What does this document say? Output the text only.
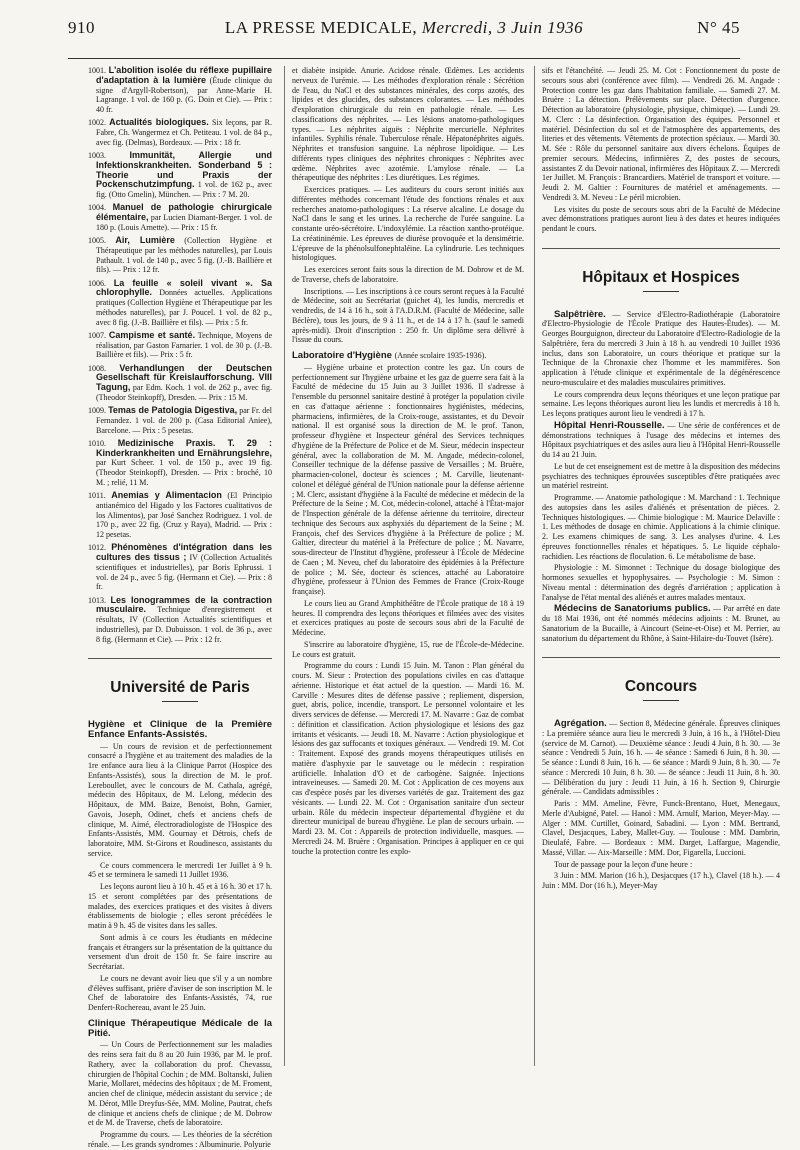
910	LA PRESSE MEDICALE, Mercredi, 3 Juin 1936	N° 45
1001. L'abolition isolée du réflexe pupillaire d'adaptation à la lumière (Étude clinique du signe d'Argyll-Robertson), par Anne-Marie H. Lagrange. 1 vol. de 160 p. (G. Doin et Cie). — Prix : 40 fr.
1002. Actualités biologiques. Six leçons, par R. Fabre, Ch. Wangermez et Ch. Petiteau. 1 vol. de 84 p., avec fig. (Delmas), Bordeaux. — Prix : 18 fr.
1003.	Immunität, Allergie und Infektionskrankheiten. Sonderband 5 : Theorie und Praxis der Pockenschutzimpfung. 1 vol. de 162 p., avec fig. (Otto Gmelin), München. — Prix : 7 M. 20.
1004. Manuel de pathologie chirurgicale élémentaire, par Lucien Diamant-Berger. 1 vol. de 180 p. (Louis Arnette). — Prix : 15 fr.
1005. Air, Lumière (Collection Hygiène et Thérapeutique par les méthodes naturelles), par Louis Pathault. 1 vol. de 140 p., avec 5 fig. (J.-B. Baillière et fils). — Prix : 12 fr.
1006. La feuille « soleil vivant ». Sa chlorophylle. Données actuelles. Applications pratiques (Collection Hygiène et Thérapeutique par les méthodes naturelles), par J. Poucel. 1 vol. de 82 p., avec 8 fig. (J.-B. Baillière et fils). — Prix : 5 fr.
1007. Campisme et santé. Technique, Moyens de réalisation, par Gaston Farnarier. 1 vol. de 30 p. (J.-B. Baillière et fils). — Prix : 5 fr.
1008. Verhandlungen der Deutschen Gesellschaft für Kreislaufforschung. VIII Tagung, par Edm. Koch. 1 vol. de 262 p., avec fig. (Theodor Steinkopff), Dresden. — Prix : 15 M.
1009. Temas de Patologia Digestiva, par Fr. del Fernandez. 1 vol. de 200 p. (Casa Editorial Aniee), Barcelone. — Prix : 5 pesetas.
1010. Medizinische Praxis. T. 29 : Kinderkrankheiten und Ernährungslehre, par Kurt Scheer. 1 vol. de 150 p., avec 19 fig. (Theodor Steinkopff), Dresden. — Prix : broché, 10 M. ; relié, 11 M.
1011. Anemias y Alimentacion (El Principio antianémico del Higado y los Factores cualitativos de los Alimentos), par José Sanchez Rodriguez. 1 vol. de 170 p., avec 22 fig. (Cruz y Raya), Madrid. — Prix : 12 pesetas.
1012. Phénomènes d'intégration dans les cultures des tissus ; IV (Collection Actualités scientifiques et industrielles), par Boris Ephrussi. 1 vol. de 24 p., avec 5 fig. (Hermann et Cie). — Prix : 8 fr.
1013. Les Ionogrammes de la contraction musculaire. Technique d'enregistrement et résultats, IV (Collection Actualités scientifiques et industrielles), par D. Dubuisson. 1 vol. de 36 p., avec 8 fig. (Hermann et Cie). — Prix : 12 fr.
Université de Paris
Hygiène et Clinique de la Première Enfance Enfants-Assistés.

— Un cours de revision et de perfectionnement consacré a l'hygiène et au traitement des maladies de la 1re enfance aura lieu à la Clinique Parrot (Hospice des Enfants-Assistés), sous la direction de M. le prof. Lereboullet, avec le concours de M. Cathala, agrégé, médecin des Hôpitaux, de M. Lelong, médecin des Hôpitaux, de MM. Baize, Benoist, Bohn, Garnier, Gavois, Joseph, Odinet, chefs et anciens chefs de clinique, M. Aimé, électroradiologiste de l'Hospice des Enfants-Assistés, MM. Gournay et Détrois, chefs de laboratoire, MM. St-Girons et Roudinesco, assistants du service.

Ce cours commencera le mercredi 1er Juillet à 9 h. 45 et se terminera le samedi 11 Juillet 1936.

Les leçons auront lieu à 10 h. 45 et à 16 h. 30 et 17 h. 15 et seront complétées par des présentations de malades, des exercices pratiques et des visites à divers établissements de biologie ; elles seront précédées le matin à 9 h. 45 de visites dans les salles.

Sont admis à ce cours les étudiants en médecine français et étrangers sur la présentation de la quittance du versement d'un droit de 150 fr. Se faire inscrire au Secrétariat.

Le cours ne devant avoir lieu que s'il y a un nombre d'élèves suffisant, prière d'aviser de son inscription M. le Chef de laboratoire des Enfants-Assistés, 74, rue Denfert-Rochereau, avant le 25 Juin.

Clinique Thérapeutique Médicale de la Pitié.

— Un Cours de Perfectionnement sur les maladies des reins sera fait du 8 au 20 Juin 1936, par M. le prof. Rathery, avec la collaboration du prof. Chevassu, chirurgien de l'hôpital Cochin ; de MM. Boltanski, Julien Marie, Mollaret, médecins des hôpitaux ; de M. Froment, ancien chef de clinique, médecin assistant du service ; de M. Dérot, Mlle Dreyfus-Sée, MM. Moline, Pautrat, chefs de clinique et anciens chefs de clinique ; de M. Dobrow et de M. de Traverse, chefs de laboratoire.

Programme du cours. — Les théories de la sécrétion rénale. — Les grands syndromes : Albuminurie. Polyurie

et diabète insipide. Anurie. Acidose rénale. Œdèmes. Les accidents nerveux de l'urémie. — Les méthodes d'exploration rénale : Sécrétion de l'eau, du NaCl et des substances minérales, des corps azotés, des lipides et des glucides, des substances colorantes. — Les méthodes d'exploration chirurgicale du rein en pathologie rénale. — Les classifications des néphrites. — Les lésions anatomo-pathologiques types. — Les néphrites aiguës : Néphrite mercurielle. Néphrites infantiles. Syphilis rénale. Tuberculose rénale. Hépatonéphrites aiguës. Néphrites et transfusion sanguine. La néphrose lipoïdique. — Les différents types cliniques des néphrites chroniques : Néphrites avec œdème. Néphrites avec azotémie. L'amylose rénale. — La thérapeutique des néphrites : Les diurétiques. Les régimes.

Exercices pratiques. — Les auditeurs du cours seront initiés aux différentes méthodes concernant l'étude des fonctions rénales et aux recherches anatomo-pathologiques : La réserve alcaline. Le dosage du NaCl dans le sang et les urines. La recherche de l'urée sanguine. La constante uréo-sécrétoire. L'indoxylémie. La réaction xantho-protéique. La créatininémie. Les épreuves de diurèse provoquée et la densimétrie. L'épreuve de la phénolsulfonephtaléine. La cylindrurie. Les techniques histologiques.

Les exercices seront faits sous la direction de M. Dobrow et de M. de Traverse, chefs de laboratoire.

Inscriptions. — Les inscriptions à ce cours seront reçues à la Faculté de Médecine, soit au Secrétariat (guichet 4), les lundis, mercredis et vendredis, de 14 à 16 h., soit à l'A.D.R.M. (Faculté de Médecine, salle Béclère), tous les jours, de 9 à 11 h., et de 14 à 17 h. (sauf le samedi après-midi). Droit d'inscription : 250 fr. Un diplôme sera délivré à l'issue du cours.

Laboratoire d'Hygiène (Année scolaire 1935-1936).

— Hygiène urbaine et protection contre les gaz. Un cours de perfectionnement sur l'hygiène urbaine et les gaz de guerre sera fait à la Faculté de médecine du 15 Juin au 3 Juillet 1936. Il s'adresse à l'ensemble du personnel sanitaire destiné à protéger la population civile en cas d'attaque aérienne : fonctionnaires hygiénistes, médecins, pharmaciens, infirmières, de la Croix-rouge, assistantes, et du Devoir national. Il est organisé sous la direction de M. le prof. Tanon, professeur d'hygiène et Inspecteur général des Services techniques d'hygiène de la Préfecture de Police et de M. Sieur, médecin inspecteur général, avec la collaboration de M. M. Angade, médecin-colonel, Conseiller technique de la défense passive de Versailles ; M. Bruère, pharmacien-colonel, docteur ès sciences ; M. Carville, lieutenant-colonel et délégué général de l'Union nationale pour la défense aérienne ; M. Clerc, assistant d'hygiène à la Faculté de médecine et médecin de la Préfecture de la Seine ; M. Cot, médecin-colonel, attaché à l'État-major de l'Inspection générale de la défense aérienne du territoire, directeur technique des Secours aux asphyxiés du département de la Seine ; M. François, chef des Services d'hygiène à la Préfecture de police ; M. Galtier, directeur du matériel à la Préfecture de police ; M. Navarre, sous-directeur de l'Institut d'hygiène, professeur à l'École de Médecine de Caen ; M. Neveu, chef du laboratoire des épidémies à la Préfecture de police ; M. Sée, docteur ès sciences, attaché au Laboratoire d'hygiène, professeur à l'Union des Femmes de France (Croix-Rouge française).

Le cours lieu au Grand Amphithéâtre de l'École pratique de 18 à 19 heures. Il comprendra des leçons théoriques et filmées avec des visites et exercices pratiques au poste de secours sous abri de la Faculté de Médecine.

S'inscrire au laboratoire d'hygiène, 15, rue de l'École-de-Médecine. Le cours est gratuit.

Programme du cours : Lundi 15 Juin. M. Tanon : Plan général du cours. M. Sieur : Protection des populations civiles en cas d'attaque aérienne. Historique et état actuel de la question. — Mardi 16. M. Carville : Mesures dites de défense passive ; repliement, dispersion, guet, abris, police, incendie, transport. Le personnel volontaire et les divers services de défense. — Mercredi 17. M. Navarre : Gaz de combat : définition et classification. Action physiologique et lésions des gaz irritants et vésicants. — Jeudi 18. M. Navarre : Action physiologique et lésions des gaz suffocants et toxiques généraux. — Vendredi 19. M. Cot : Traitement. Exposé des grands moyens thérapeutiques utilisés en matière d'asphyxie par le sauvetage ou le médecin : respiration artificielle. Inhalation d'O et de carbogène. Saignée. Injections intraveineuses. — Samedi 20. M. Cot : Application de ces moyens aux cas d'espèce posés par les diverses variétés de gaz. Traitement des gaz vésicants. — Lundi 22. M. Cot : Organisation sanitaire d'un secteur urbain. Rôle du médecin inspecteur départemental d'hygiène et du directeur municipal de bureau d'hygiène. Le plan de secours urbain. — Mardi 23. M. Cot : Appareils de protection individuelle, masques. — Mercredi 24. M. Bruère : Organisation. Principes à appliquer en ce qui touche la protection contre les explo-

sifs et l'étanchéité. — Jeudi 25. M. Cot : Fonctionnement du poste de secours sous abri (conférence avec film). — Vendredi 26. M. Angade : Protection contre les gaz dans l'habitation familiale. — Samedi 27. M. Bruère : La détection. Prélèvements sur place. Détection d'urgence. Détection au laboratoire (physiologie, physique, chimique). — Lundi 29. M. Clerc : La désinfection. Organisation des équipes. Personnel et matériel. Désinfection du sol et de l'atmosphère des appartements, des literies et des vêtements. Vêtements de protection spéciaux. — Mardi 30. M. Sée : Rôle du personnel sanitaire aux divers échelons. Équipes de premier secours. Médecins, infirmières Z, des postes de secours, assistantes Z du Devoir national, infirmières des Hôpitaux Z. — Mercredi 1er Juillet. M. François : Brancardiers. Matériel de transport et voiture. — Jeudi 2. M. Galtier : Fournitures de matériel et aménagements. — Vendredi 3. M. Neveu : Le péril microbien.

Les visites du poste de secours sous abri de la Faculté de Médecine avec démonstrations pratiques auront lieu à des dates et heures indiquées pendant le cours.

Hôpitaux et Hospices

Salpêtrière. — Service d'Electro-Radiothérapie (Laboratoire d'Electro-Physiologie de l'École Pratique des Hautes-Études). — M. Georges Bourguignon, directeur du Laboratoire d'Electro-Radiologie de la Salpêtrière, fera du mercredi 3 Juin à 18 h. au vendredi 10 Juillet 1936 inclus, dans son Laboratoire, un cours théorique et pratique sur la Technique de la Chronaxie chez l'homme et les mammifères. Son application à l'étude clinique et expérimentale de la dégénérescence neuro-musculaire et des maladies musculaires primitives.

Le cours comprendra deux leçons théoriques et une leçon pratique par semaine. Les leçons théoriques auront lieu les lundis et mercredis à 18 h. Les leçons pratiques auront lieu le vendredi à 17 h.

Hôpital Henri-Rousselle. — Une série de conférences et de démonstrations techniques à l'usage des médecins et internes des Hôpitaux psychiatriques et des asiles aura lieu à l'Hôpital Henri-Rousselle du 14 au 21 Juin.

Le but de cet enseignement est de mettre à la disposition des médecins psychiatres des techniques éprouvées susceptibles d'être pratiquées avec un matériel restreint.

Programme. — Anatomie pathologique : M. Marchand : 1. Technique des autopsies dans les asiles d'aliénés et présentation de pièces. 2. Techniques histologiques. — Chimie biologique : M. Maurice Delaville : 1. Les méthodes de dosage en chimie. Applications à la chimie clinique. 2. Les examens chimiques de sang. 3. Les analyses d'urine. 4. Les épreuves fonctionnelles rénales et hépatiques. 5. Le liquide céphalo-rachidien. Les réactions de floculation. 6. Le métabolisme de base.

Physiologie : M. Simonnet : Technique du dosage biologique des hormones sexuelles et hypophysaires. — Psychologie : M. Simon : Niveau mental : détermination des degrés d'arriération ; application à l'analyse de l'état mental des aliénés et autres malades mentaux.

Médecins de Sanatoriums publics. — Par arrêté en date du 18 Mai 1936, ont été nommés médecins adjoints : M. Brunet, au Sanatorium de la Bucaille, à Aincourt (Seine-et-Oise) et M. Perrier, au sanatorium du département du Rhône, à Saint-Hilaire-du-Touvet (Isère).

Concours

Agrégation. — Section 8, Médecine générale. Épreuves cliniques : La première séance aura lieu le mercredi 3 Juin, à 16 h., à l'Hôtel-Dieu (service de M. Carnot). — Deuxième séance : Jeudi 4 Juin, 8 h. 30. — 3e séance : Vendredi 5 Juin, 16 h. — 4e séance : Samedi 6 Juin, 8 h. 30. — 5e séance : Lundi 8 Juin, 16 h. — 6e séance : Mardi 9 Juin, 8 h. 30. — 7e séance : Mercredi 10 Juin, 8 h. 30. — 8e séance : Jeudi 11 Juin, 8 h. 30. — Délibération du jury : Jeudi 11 Juin, à 16 h. Section 9, Chirurgie générale. — Candidats admissibles :

Paris : MM. Ameline, Fèvre, Funck-Brentano, Huet, Menegaux, Merle d'Aubigné, Patel. — Hanoï : MM. Arnulf, Marion, Meyer-May. — Alger : MM. Curtillet, Goinard, Sabadini. — Lyon : MM. Bertrand, Clavel, Desjacques, Labey, Mallet-Guy. — Toulouse : MM. Dambrin, Dieulafé, Fabre. — Bordeaux : MM. Darget, Laffargue, Magendie, Massé, Villar. — Aix-Marseille : MM. Dor, Figarella, Luccioni.

Tour de passage pour la leçon d'une heure :

3 Juin : MM. Marion (16 h.), Desjacques (17 h.), Clavel (18 h.). — 4 Juin : MM. Dor (16 h.), Meyer-May
